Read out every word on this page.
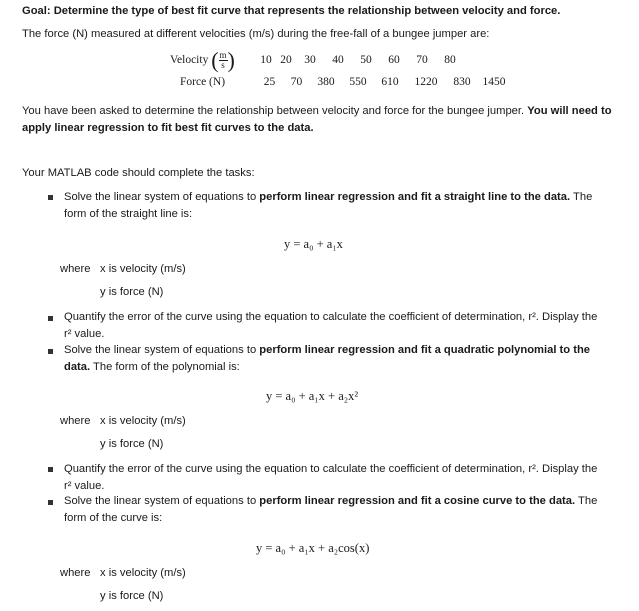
Goal: Determine the type of best fit curve that represents the relationship between velocity and force.
The force (N) measured at different velocities (m/s) during the free-fall of a bungee jumper are:
Velocity ( $\frac{m}{s}$ )	10 20 30 40 50 60 70 80
Force (N)	25 70 380 550 610 1220 830 1450
You have been asked to determine the relationship between velocity and force for the bungee jumper. You will need to apply linear regression to fit best fit curves to the data.
Your MATLAB code should complete the tasks:
Solve the linear system of equations to perform linear regression and fit a straight line to the data. The form of the straight line is:
y = a₀ + a₁x
where x is velocity (m/s)
y is force (N)
Quantify the error of the curve using the equation to calculate the coefficient of determination, r². Display the
r² value.
Solve the linear system of equations to perform linear regression and fit a quadratic polynomial to the data. The form of the polynomial is:
y = a₀ + a₁x + a₂x²
where x is velocity (m/s)
y is force (N)
Quantify the error of the curve using the equation to calculate the coefficient of determination, r². Display the
r² value.
Solve the linear system of equations to perform linear regression and fit a cosine curve to the data. The form of the curve is:
y = a₀ + a₁x + a₂cos(x)
where x is velocity (m/s)
y is force (N)
